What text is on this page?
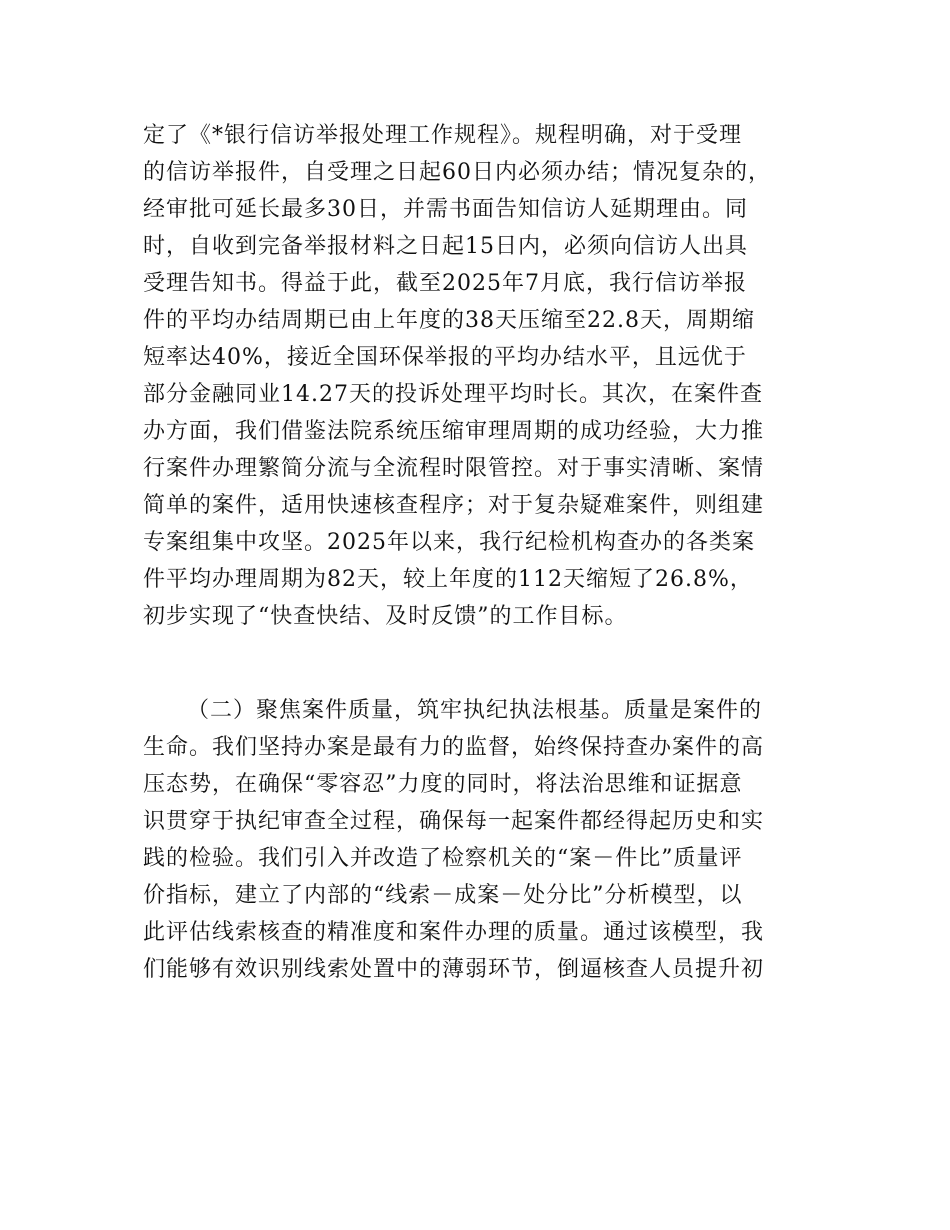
定了《*银行信访举报处理工作规程》。规程明确，对于受理
的信访举报件，自受理之日起60日内必须办结；情况复杂的，
经审批可延长最多30日，并需书面告知信访人延期理由。同
时，自收到完备举报材料之日起15日内，必须向信访人出具
受理告知书。得益于此，截至2025年7月底，我行信访举报
件的平均办结周期已由上年度的38天压缩至22.8天，周期缩
短率达40%，接近全国环保举报的平均办结水平，且远优于
部分金融同业14.27天的投诉处理平均时长。其次，在案件查
办方面，我们借鉴法院系统压缩审理周期的成功经验，大力推
行案件办理繁简分流与全流程时限管控。对于事实清晰、案情
简单的案件，适用快速核查程序；对于复杂疑难案件，则组建
专案组集中攻坚。2025年以来，我行纪检机构查办的各类案
件平均办理周期为82天，较上年度的112天缩短了26.8%，
初步实现了“快查快结、及时反馈”的工作目标。
（二）聚焦案件质量，筑牢执纪执法根基。质量是案件的
生命。我们坚持办案是最有力的监督，始终保持查办案件的高
压态势，在确保“零容忍”力度的同时，将法治思维和证据意
识贯穿于执纪审查全过程，确保每一起案件都经得起历史和实
践的检验。我们引入并改造了检察机关的“案－件比”质量评
价指标，建立了内部的“线索－成案－处分比”分析模型，以
此评估线索核查的精准度和案件办理的质量。通过该模型，我
们能够有效识别线索处置中的薄弱环节，倒逼核查人员提升初
